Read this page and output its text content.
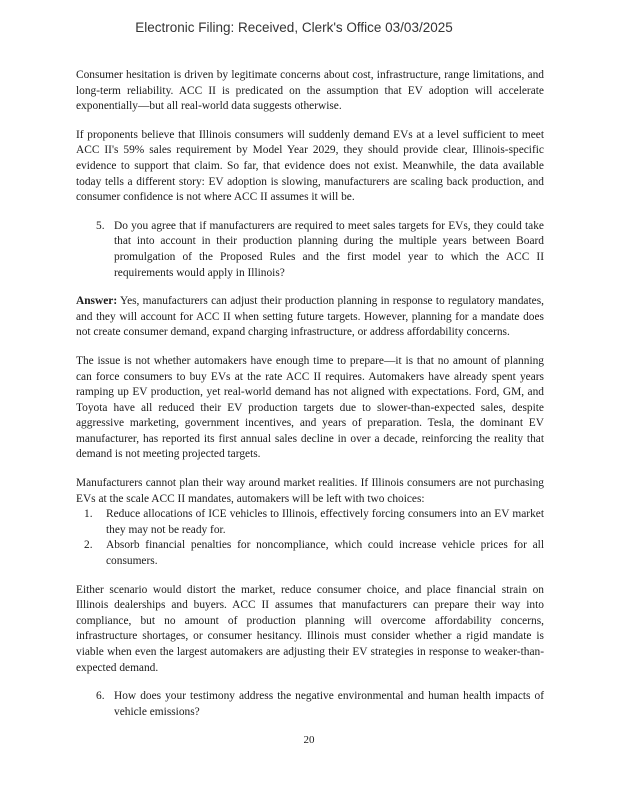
Electronic Filing: Received, Clerk's Office 03/03/2025

Consumer hesitation is driven by legitimate concerns about cost, infrastructure, range limitations, and long-term reliability. ACC II is predicated on the assumption that EV adoption will accelerate exponentially—but all real-world data suggests otherwise.

If proponents believe that Illinois consumers will suddenly demand EVs at a level sufficient to meet ACC II's 59% sales requirement by Model Year 2029, they should provide clear, Illinois-specific evidence to support that claim. So far, that evidence does not exist. Meanwhile, the data available today tells a different story: EV adoption is slowing, manufacturers are scaling back production, and consumer confidence is not where ACC II assumes it will be.

5. Do you agree that if manufacturers are required to meet sales targets for EVs, they could take that into account in their production planning during the multiple years between Board promulgation of the Proposed Rules and the first model year to which the ACC II requirements would apply in Illinois?

Answer: Yes, manufacturers can adjust their production planning in response to regulatory mandates, and they will account for ACC II when setting future targets. However, planning for a mandate does not create consumer demand, expand charging infrastructure, or address affordability concerns.

The issue is not whether automakers have enough time to prepare—it is that no amount of planning can force consumers to buy EVs at the rate ACC II requires. Automakers have already spent years ramping up EV production, yet real-world demand has not aligned with expectations. Ford, GM, and Toyota have all reduced their EV production targets due to slower-than-expected sales, despite aggressive marketing, government incentives, and years of preparation. Tesla, the dominant EV manufacturer, has reported its first annual sales decline in over a decade, reinforcing the reality that demand is not meeting projected targets.

Manufacturers cannot plan their way around market realities. If Illinois consumers are not purchasing EVs at the scale ACC II mandates, automakers will be left with two choices:

1.	Reduce allocations of ICE vehicles to Illinois, effectively forcing consumers into an EV market they may not be ready for.
2.	Absorb financial penalties for noncompliance, which could increase vehicle prices for all consumers.

Either scenario would distort the market, reduce consumer choice, and place financial strain on Illinois dealerships and buyers. ACC II assumes that manufacturers can prepare their way into compliance, but no amount of production planning will overcome affordability concerns, infrastructure shortages, or consumer hesitancy. Illinois must consider whether a rigid mandate is viable when even the largest automakers are adjusting their EV strategies in response to weaker-than-expected demand.

6. How does your testimony address the negative environmental and human health impacts of vehicle emissions?
20
